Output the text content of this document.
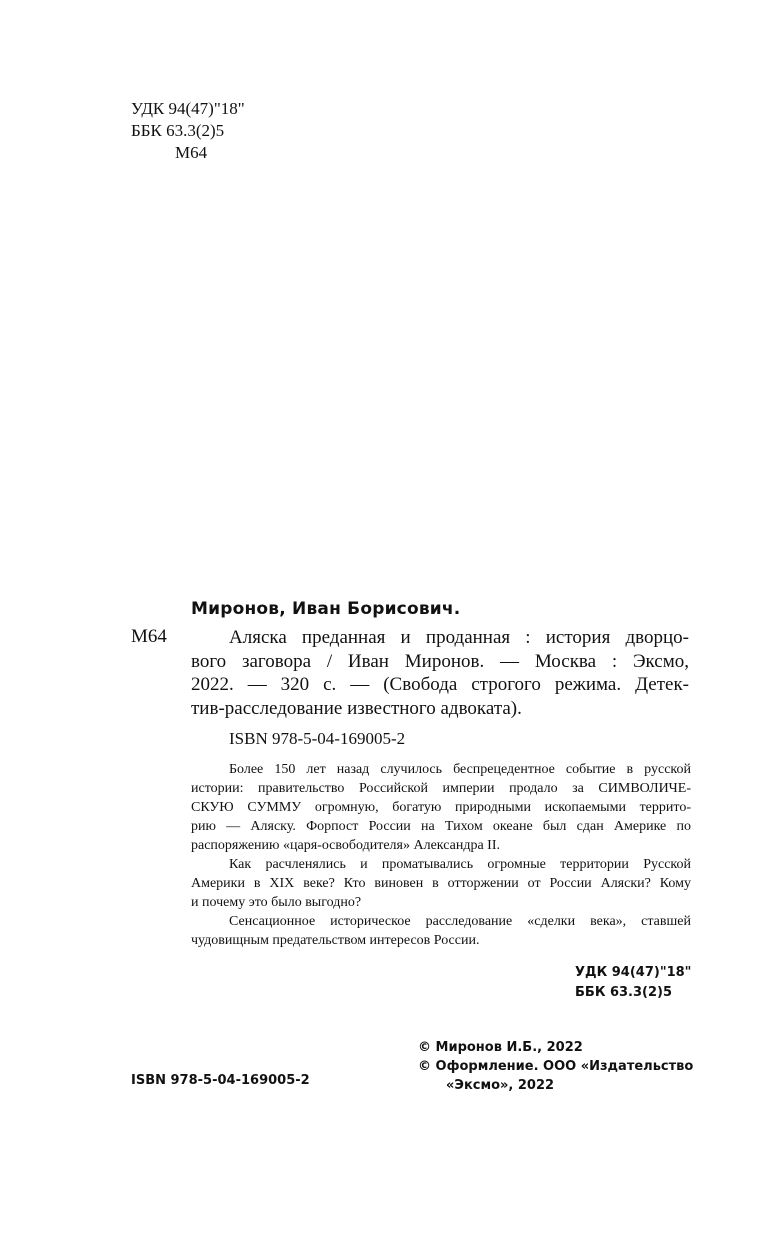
УДК 94(47)"18"
ББК 63.3(2)5
М64
Миронов, Иван Борисович.
М64	Аляска преданная и проданная : история дворцо-

вого заговора / Иван Миронов. — Москва : Эксмо,

2022. — 320 с. — (Свобода строгого режима. Детек-

тив-расследование известного адвоката).

ISBN 978-5-04-169005-2

Более 150 лет назад случилось беспрецедентное событие в русской
истории: правительство Российской империи продало за СИМВОЛИЧЕ-
СКУЮ СУММУ огромную, богатую природными ископаемыми террито-
рию — Аляску. Форпост России на Тихом океане был сдан Америке по
распоряжению «царя-освободителя» Александра II.

Как расчленялись и проматывались огромные территории Русской
Америки в XIX веке? Кто виновен в отторжении от России Аляски? Кому
и почему это было выгодно?

Сенсационное историческое расследование «сделки века», ставшей
чудовищным предательством интересов России.

УДК 94(47)"18"
ББК 63.3(2)5
© Миронов И.Б., 2022
© Оформление. ООО «Издательство
«Эксмо», 2022
ISBN 978-5-04-169005-2
